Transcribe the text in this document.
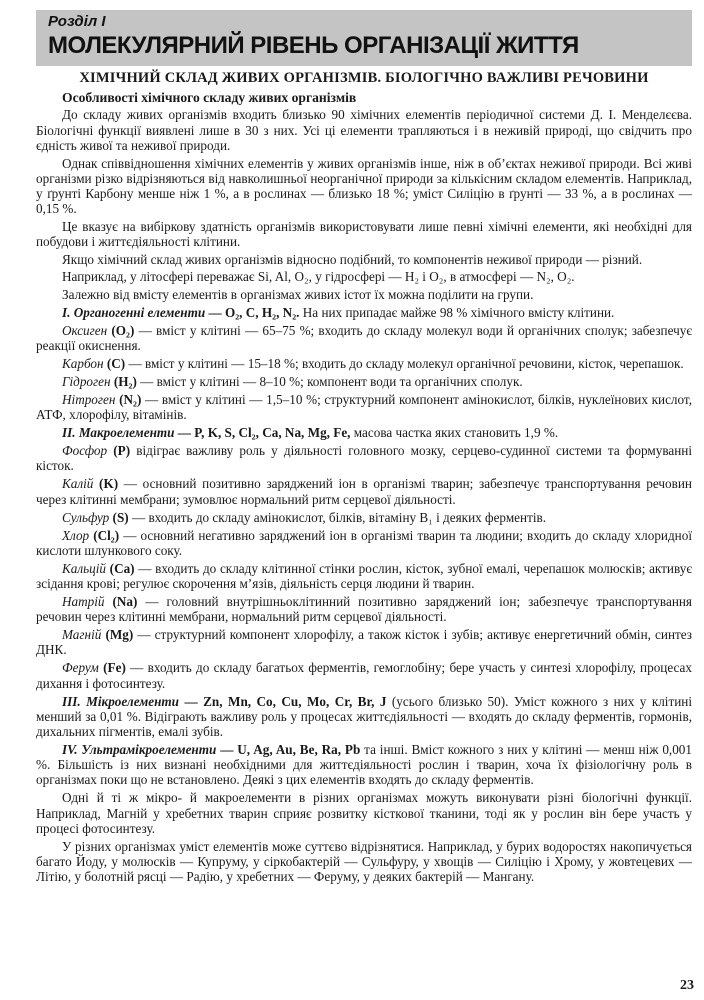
Розділ І
МОЛЕКУЛЯРНИЙ РІВЕНЬ ОРГАНІЗАЦІЇ ЖИТТЯ
ХІМІЧНИЙ СКЛАД ЖИВИХ ОРГАНІЗМІВ. БІОЛОГІЧНО ВАЖЛИВІ РЕЧОВИНИ
Особливості хімічного складу живих організмів

До складу живих організмів входить близько 90 хімічних елементів періодичної системи Д. І. Менделєєва. Біологічні функції виявлені лише в 30 з них. Усі ці елементи трапляються і в неживій природі, що свідчить про єдність живої та неживої природи.

Однак співвідношення хімічних елементів у живих організмів інше, ніж в об’єктах неживої природи. Всі живі організми різко відрізняються від навколишньої неорганічної природи за кількісним складом елементів. Наприклад, у ґрунті Карбону менше ніж 1 %, а в рослинах — близько 18 %; уміст Силіцію в ґрунті — 33 %, а в рослинах — 0,15 %.

Це вказує на вибіркову здатність організмів використовувати лише певні хімічні елементи, які необхідні для побудови і життєдіяльності клітини.

Якщо хімічний склад живих організмів відносно подібний, то компонентів неживої природи — різний.

Наприклад, у літосфері переважає Si, Al, O₂, у гідросфері — H₂ і O₂, в атмосфері — N₂, O₂.

Залежно від вмісту елементів в організмах живих істот їх можна поділити на групи.

І. Органогенні елементи — O₂, C, H₂, N₂. На них припадає майже 98 % хімічного вмісту клітини.

Оксиген (O₂) — вміст у клітині — 65–75 %; входить до складу молекул води й органічних сполук; забезпечує реакції окиснення.

Карбон (C) — вміст у клітині — 15–18 %; входить до складу молекул органічної речовини, кісток, черепашок.

Гідроген (H₂) — вміст у клітині — 8–10 %; компонент води та органічних сполук.

Нітроген (N₂) — вміст у клітині — 1,5–10 %; структурний компонент амінокислот, білків, нуклеїнових кислот, АТФ, хлорофілу, вітамінів.

ІІ. Макроелементи — P, K, S, Cl₂, Ca, Na, Mg, Fe, масова частка яких становить 1,9 %.

Фосфор (P) відіграє важливу роль у діяльності головного мозку, серцево-судинної системи та формуванні кісток.

Калій (K) — основний позитивно заряджений іон в організмі тварин; забезпечує транспортування речовин через клітинні мембрани; зумовлює нормальний ритм серцевої діяльності.

Сульфур (S) — входить до складу амінокислот, білків, вітаміну B₁ і деяких ферментів.

Хлор (Cl₂) — основний негативно заряджений іон в організмі тварин та людини; входить до складу хлоридної кислоти шлункового соку.

Кальцій (Ca) — входить до складу клітинної стінки рослин, кісток, зубної емалі, черепашок молюсків; активує зсідання крові; регулює скорочення м’язів, діяльність серця людини й тварин.

Натрій (Na) — головний внутрішньоклітинний позитивно заряджений іон; забезпечує транспортування речовин через клітинні мембрани, нормальний ритм серцевої діяльності.

Магній (Mg) — структурний компонент хлорофілу, а також кісток і зубів; активує енергетичний обмін, синтез ДНК.

Ферум (Fe) — входить до складу багатьох ферментів, гемоглобіну; бере участь у синтезі хлорофілу, процесах дихання і фотосинтезу.

ІІІ. Мікроелементи — Zn, Mn, Co, Cu, Mo, Cr, Br, J (усього близько 50). Уміст кожного з них у клітині менший за 0,01 %. Відіграють важливу роль у процесах життєдіяльності — входять до складу ферментів, гормонів, дихальних пігментів, емалі зубів.

IV. Ультрамікроелементи — U, Ag, Au, Be, Ra, Pb та інші. Вміст кожного з них у клітині — менш ніж 0,001 %. Більшість із них визнані необхідними для життєдіяльності рослин і тварин, хоча їх фізіологічну роль в організмах поки що не встановлено. Деякі з цих елементів входять до складу ферментів.

Одні й ті ж мікро- й макроелементи в різних організмах можуть виконувати різні біологічні функції. Наприклад, Магній у хребетних тварин сприяє розвитку кісткової тканини, тоді як у рослин він бере участь у процесі фотосинтезу.

У різних організмах уміст елементів може суттєво відрізнятися. Наприклад, у бурих водоростях накопичується багато Йоду, у молюсків — Купруму, у сіркобактерій — Сульфуру, у хвощів — Силіцію і Хрому, у жовтецевих — Літію, у болотній рясці — Радію, у хребетних — Феруму, у деяких бактерій — Мангану.

23
